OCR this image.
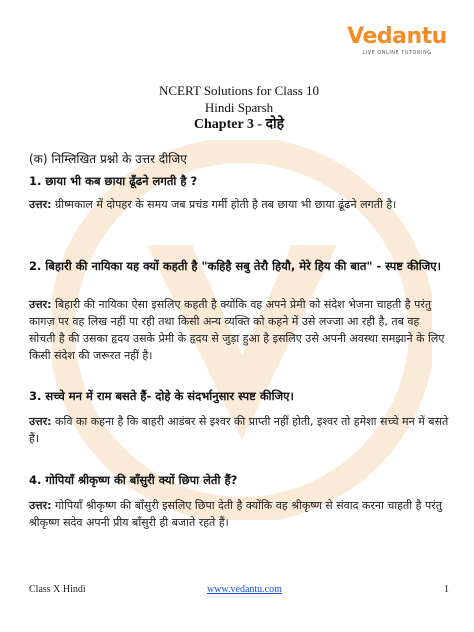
Vedantu
LIVE ONLINE TUTORING
NCERT Solutions for Class 10
Hindi Sparsh
Chapter 3 - दोहे
(क) निम्लिखित प्रश्नो के उत्तर दीजिए
1. छाया भी कब छाया ढूँढने लगती है ?
उत्तर: ग्रीष्मकाल में दोपहर के समय जब प्रचंड गर्मी होती है तब छाया भी छाया ढूंढने लगती है।
2. बिहारी की नायिका यह क्यों कहती है "कहिहै सबु तेरौ हियौ, मेरे हिय की बात" - स्पष्ट कीजिए।
उत्तर: बिहारी की नायिका ऐसा इसलिए कहती है क्योंकि वह अपने प्रेमी को संदेश भेजना चाहती है परंतु कागज़ पर वह लिख नहीं पा रही तथा किसी अन्य व्यक्ति को कहने में उसे लज्जा आ रही है, तब वह सोचती है की उसका हृदय उसके प्रेमी के हृदय से जुड़ा हुआ है इसलिए उसे अपनी अवस्था समझाने के लिए किसी संदेश की जरूरत नहीं है।
3. सच्चे मन में राम बसते हैं- दोहे के संदर्भानुसार स्पष्ट कीजिए।
उत्तर: कवि का कहना है कि बाहरी आडंबर से इश्वर की प्राप्ती नहीं होती, इश्वर तो हमेशा सच्चे मन में बसते हैं।
4. गोपियाँ श्रीकृष्ण की बाँसुरी क्यों छिपा लेती हैं?
उत्तर: गोपियाँ श्रीकृष्ण की बाँसुरी इसलिए छिपा देती है क्योंकि वह श्रीकृष्ण से संवाद करना चाहती है परंतु श्रीकृष्ण सदेव अपनी प्रीय बाँसुरी ही बजाते रहते हैं।
Class X Hindi	www.vedantu.com	1
